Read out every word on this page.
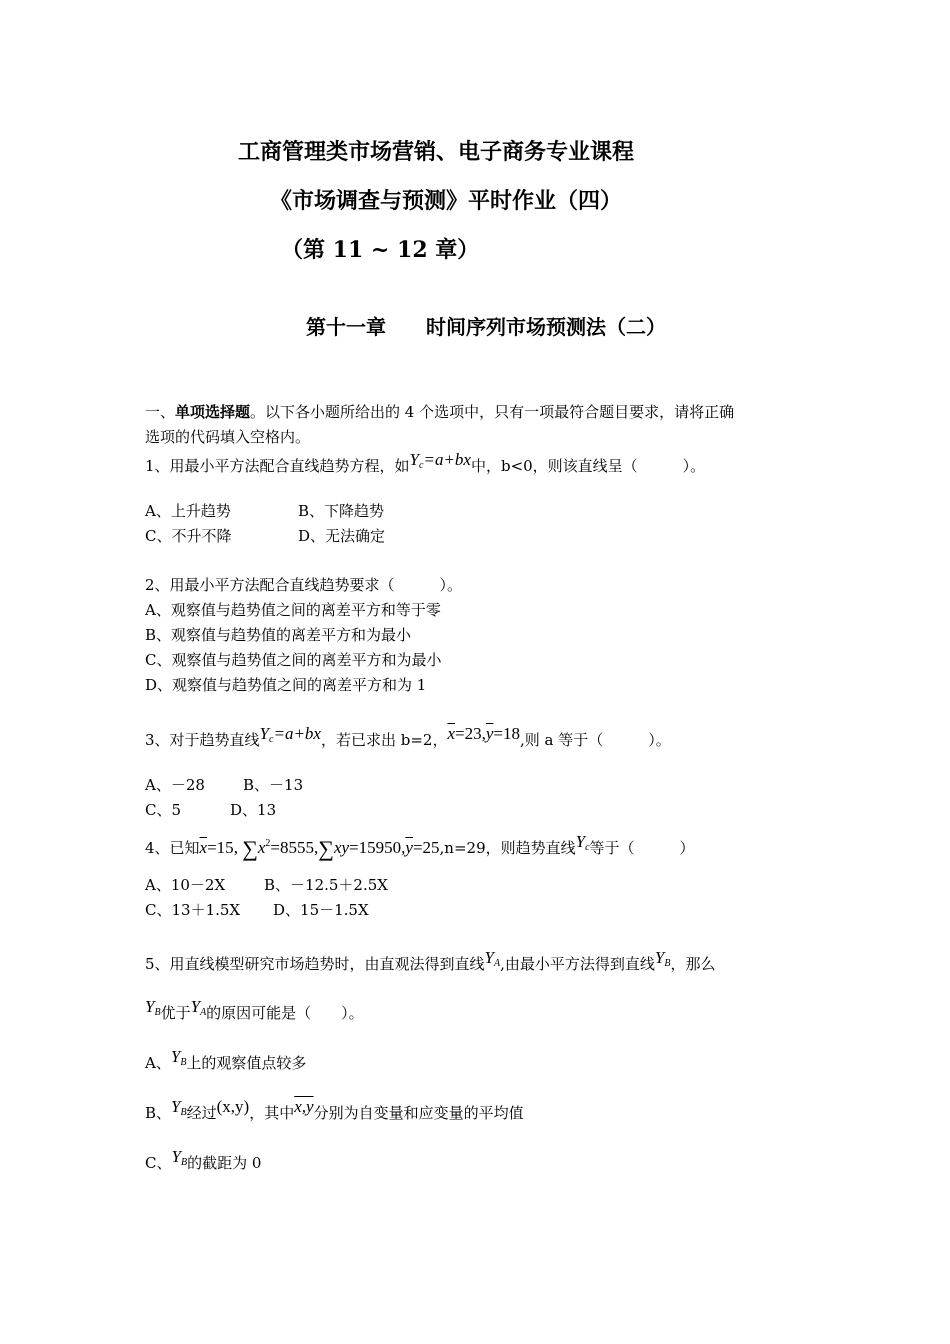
工商管理类市场营销、电子商务专业课程
《市场调查与预测》平时作业（四）
（第 11 ~ 12 章）
第十一章 时间序列市场预测法（二）
一、单项选择题。以下各小题所给出的 4 个选项中，只有一项最符合题目要求，请将正确
选项的代码填入空格内。
1、用最小平方法配合直线趋势方程，如$Y_c=a+bx$中，b<0，则该直线呈（　　　）。
A、上升趋势	B、下降趋势
C、不升不降	D、无法确定
2、用最小平方法配合直线趋势要求（　　　）。
A、观察值与趋势值之间的离差平方和等于零
B、观察值与趋势值的离差平方和为最小
C、观察值与趋势值之间的离差平方和为最小
D、观察值与趋势值之间的离差平方和为 1
3、对于趋势直线$Y_c=a+bx$，若已求出 b=2，$\overline{x}=23,\overline{y}=18$,则 a 等于（　　　）。
A、－28	B、－13
C、5	D、13
4、已知$\overline{x}=15$, $\sum x^2=8555,\sum xy=15950,\overline{y}=25,n=29$，则趋势直线$Y_c$等于（　　　）
A、10－2X	B、－12.5＋2.5X
C、13＋1.5X D、15－1.5X
5、用直线模型研究市场趋势时，由直观法得到直线$Y_A$,由最小平方法得到直线$Y_B$，那么
$Y_B$优于$Y_A$的原因可能是（　　）。
A、$Y_B$上的观察值点较多
B、$Y_B$经过(x,y)，其中x,y分别为自变量和应变量的平均值
C、$Y_B$的截距为 0
